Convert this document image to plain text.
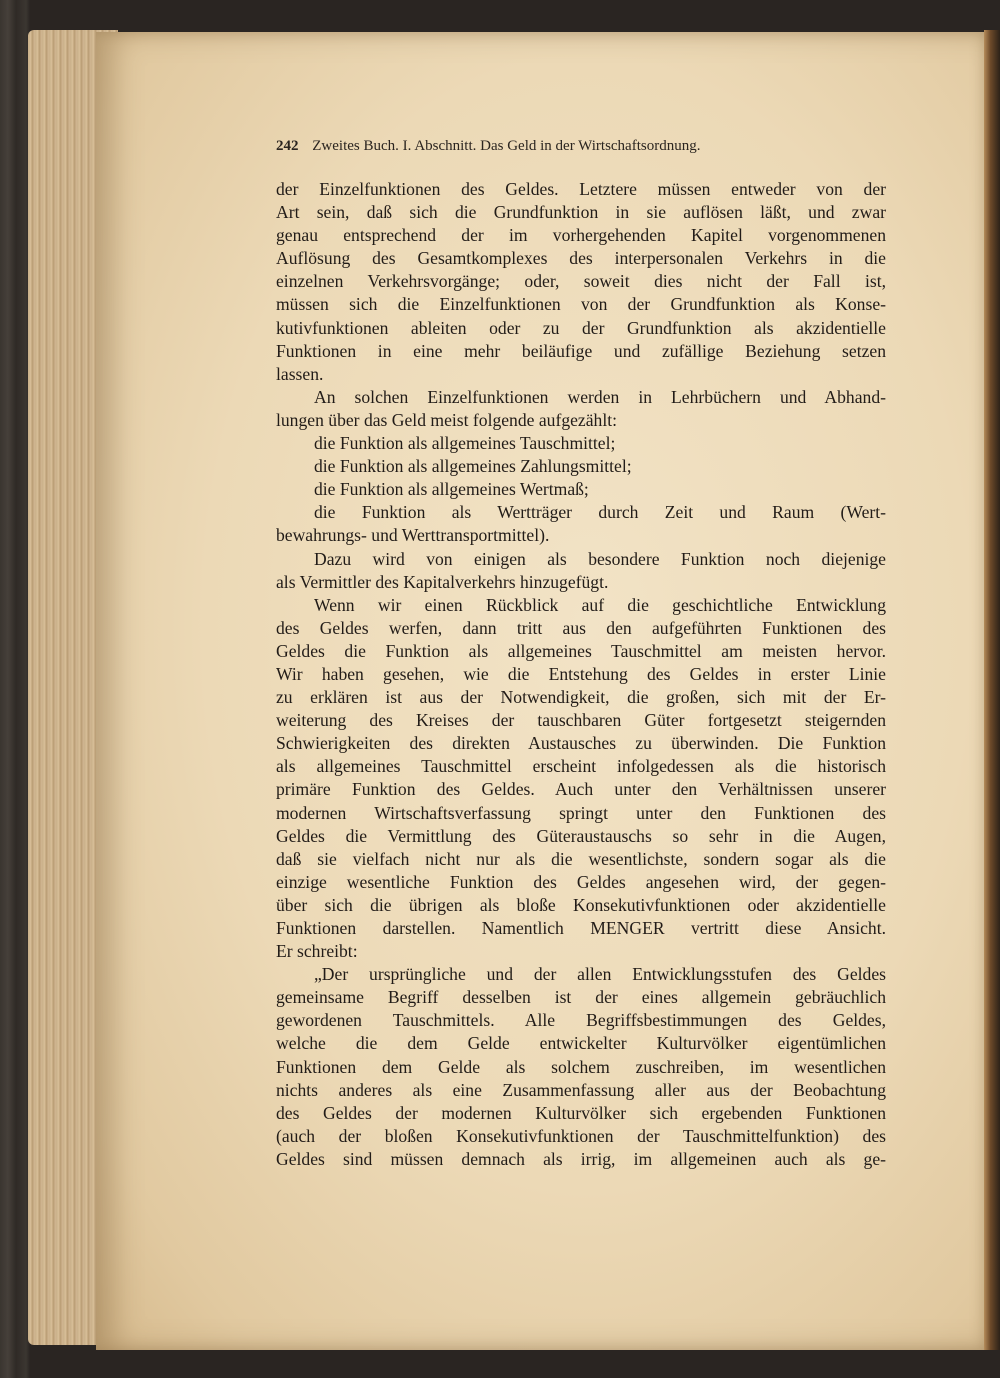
242 Zweites Buch. I. Abschnitt. Das Geld in der Wirtschaftsordnung.
der Einzelfunktionen des Geldes. Letztere müssen entweder von der
Art sein, daß sich die Grundfunktion in sie auflösen läßt, und zwar
genau entsprechend der im vorhergehenden Kapitel vorgenommenen
Auflösung des Gesamtkomplexes des interpersonalen Verkehrs in die
einzelnen Verkehrsvorgänge; oder, soweit dies nicht der Fall ist,
müssen sich die Einzelfunktionen von der Grundfunktion als Konse-
kutivfunktionen ableiten oder zu der Grundfunktion als akzidentielle
Funktionen in eine mehr beiläufige und zufällige Beziehung setzen
lassen.
An solchen Einzelfunktionen werden in Lehrbüchern und Abhand-
lungen über das Geld meist folgende aufgezählt:
die Funktion als allgemeines Tauschmittel;
die Funktion als allgemeines Zahlungsmittel;
die Funktion als allgemeines Wertmaß;
die Funktion als Wertträger durch Zeit und Raum (Wert-
bewahrungs- und Werttransportmittel).
Dazu wird von einigen als besondere Funktion noch diejenige
als Vermittler des Kapitalverkehrs hinzugefügt.
Wenn wir einen Rückblick auf die geschichtliche Entwicklung
des Geldes werfen, dann tritt aus den aufgeführten Funktionen des
Geldes die Funktion als allgemeines Tauschmittel am meisten hervor.
Wir haben gesehen, wie die Entstehung des Geldes in erster Linie
zu erklären ist aus der Notwendigkeit, die großen, sich mit der Er-
weiterung des Kreises der tauschbaren Güter fortgesetzt steigernden
Schwierigkeiten des direkten Austausches zu überwinden. Die Funktion
als allgemeines Tauschmittel erscheint infolgedessen als die historisch
primäre Funktion des Geldes. Auch unter den Verhältnissen unserer
modernen Wirtschaftsverfassung springt unter den Funktionen des
Geldes die Vermittlung des Güteraustauschs so sehr in die Augen,
daß sie vielfach nicht nur als die wesentlichste, sondern sogar als die
einzige wesentliche Funktion des Geldes angesehen wird, der gegen-
über sich die übrigen als bloße Konsekutivfunktionen oder akzidentielle
Funktionen darstellen. Namentlich MENGER vertritt diese Ansicht.
Er schreibt:
„Der ursprüngliche und der allen Entwicklungsstufen des Geldes
gemeinsame Begriff desselben ist der eines allgemein gebräuchlich
gewordenen Tauschmittels. Alle Begriffsbestimmungen des Geldes,
welche die dem Gelde entwickelter Kulturvölker eigentümlichen
Funktionen dem Gelde als solchem zuschreiben, im wesentlichen
nichts anderes als eine Zusammenfassung aller aus der Beobachtung
des Geldes der modernen Kulturvölker sich ergebenden Funktionen
(auch der bloßen Konsekutivfunktionen der Tauschmittelfunktion) des
Geldes sind müssen demnach als irrig, im allgemeinen auch als ge-
